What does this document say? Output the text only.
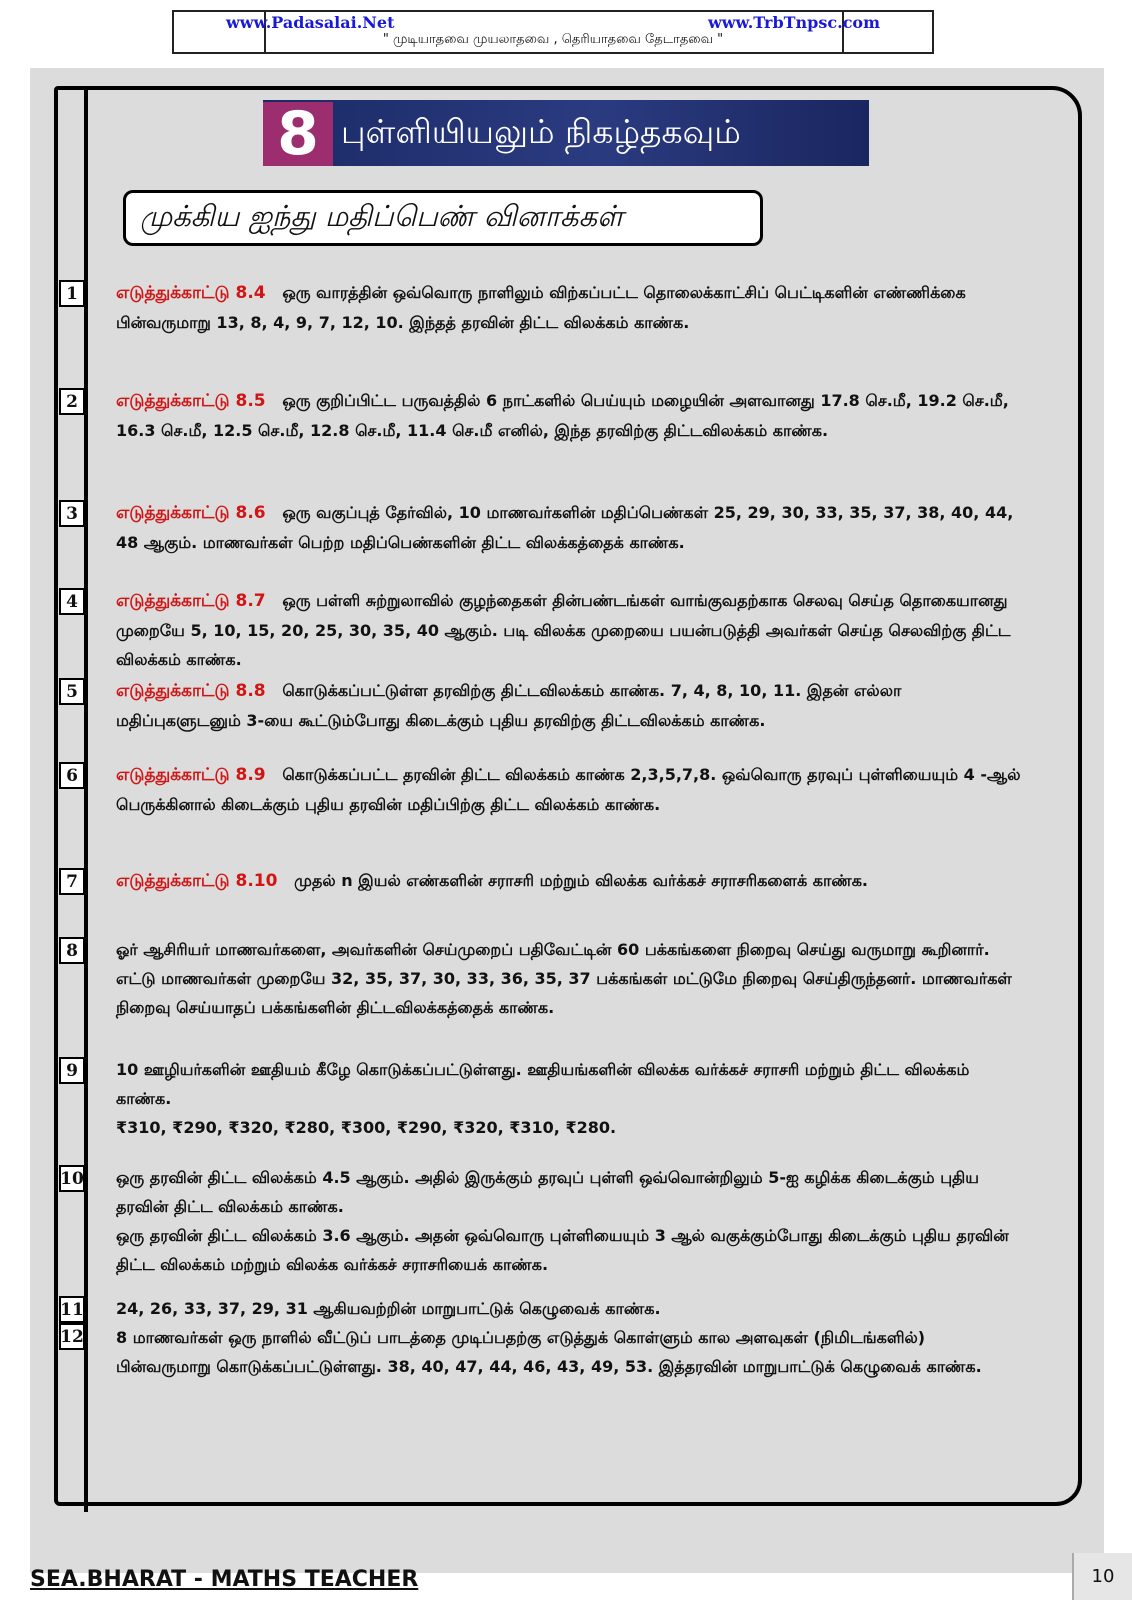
www.Padasalai.Net	www.TrbTnpsc.com
" முடியாதவை முயலாதவை , தெரியாதவை தேடாதவை "
8 புள்ளியியலும் நிகழ்தகவும்
முக்கிய ஐந்து மதிப்பெண் வினாக்கள்
1
2
3
4
5
6
7
8
9
10
11
12
எடுத்துக்காட்டு 8.4 ஒரு வாரத்தின் ஒவ்வொரு நாளிலும் விற்கப்பட்ட தொலைக்காட்சிப் பெட்டிகளின் எண்ணிக்கை பின்வருமாறு 13, 8, 4, 9, 7, 12, 10. இந்தத் தரவின் திட்ட விலக்கம் காண்க.
எடுத்துக்காட்டு 8.5 ஒரு குறிப்பிட்ட பருவத்தில் 6 நாட்களில் பெய்யும் மழையின் அளவானது 17.8 செ.மீ, 19.2 செ.மீ, 16.3 செ.மீ, 12.5 செ.மீ, 12.8 செ.மீ, 11.4 செ.மீ எனில், இந்த தரவிற்கு திட்டவிலக்கம் காண்க.
எடுத்துக்காட்டு 8.6 ஒரு வகுப்புத் தேர்வில், 10 மாணவர்களின் மதிப்பெண்கள் 25, 29, 30, 33, 35, 37, 38, 40, 44, 48 ஆகும். மாணவர்கள் பெற்ற மதிப்பெண்களின் திட்ட விலக்கத்தைக் காண்க.
எடுத்துக்காட்டு 8.7 ஒரு பள்ளி சுற்றுலாவில் குழந்தைகள் தின்பண்டங்கள் வாங்குவதற்காக செலவு செய்த தொகையானது முறையே 5, 10, 15, 20, 25, 30, 35, 40 ஆகும். படி விலக்க முறையை பயன்படுத்தி அவர்கள் செய்த செலவிற்கு திட்ட விலக்கம் காண்க.
எடுத்துக்காட்டு 8.8 கொடுக்கப்பட்டுள்ள தரவிற்கு திட்டவிலக்கம் காண்க. 7, 4, 8, 10, 11. இதன் எல்லா மதிப்புகளுடனும் 3-யை கூட்டும்போது கிடைக்கும் புதிய தரவிற்கு திட்டவிலக்கம் காண்க.
எடுத்துக்காட்டு 8.9 கொடுக்கப்பட்ட தரவின் திட்ட விலக்கம் காண்க 2,3,5,7,8. ஒவ்வொரு தரவுப் புள்ளியையும் 4 -ஆல் பெருக்கினால் கிடைக்கும் புதிய தரவின் மதிப்பிற்கு திட்ட விலக்கம் காண்க.
எடுத்துக்காட்டு 8.10 முதல் n இயல் எண்களின் சராசரி மற்றும் விலக்க வர்க்கச் சராசரிகளைக் காண்க.
ஓர் ஆசிரியர் மாணவர்களை, அவர்களின் செய்முறைப் பதிவேட்டின் 60 பக்கங்களை நிறைவு செய்து வருமாறு கூறினார். எட்டு மாணவர்கள் முறையே 32, 35, 37, 30, 33, 36, 35, 37 பக்கங்கள் மட்டுமே நிறைவு செய்திருந்தனர். மாணவர்கள் நிறைவு செய்யாதப் பக்கங்களின் திட்டவிலக்கத்தைக் காண்க.
10 ஊழியர்களின் ஊதியம் கீழே கொடுக்கப்பட்டுள்ளது. ஊதியங்களின் விலக்க வர்க்கச் சராசரி மற்றும் திட்ட விலக்கம் காண்க.
₹310, ₹290, ₹320, ₹280, ₹300, ₹290, ₹320, ₹310, ₹280.
ஒரு தரவின் திட்ட விலக்கம் 4.5 ஆகும். அதில் இருக்கும் தரவுப் புள்ளி ஒவ்வொன்றிலும் 5-ஐ கழிக்க கிடைக்கும் புதிய தரவின் திட்ட விலக்கம் காண்க.
ஒரு தரவின் திட்ட விலக்கம் 3.6 ஆகும். அதன் ஒவ்வொரு புள்ளியையும் 3 ஆல் வகுக்கும்போது கிடைக்கும் புதிய தரவின் திட்ட விலக்கம் மற்றும் விலக்க வர்க்கச் சராசரியைக் காண்க.
24, 26, 33, 37, 29, 31 ஆகியவற்றின் மாறுபாட்டுக் கெழுவைக் காண்க.
8 மாணவர்கள் ஒரு நாளில் வீட்டுப் பாடத்தை முடிப்பதற்கு எடுத்துக் கொள்ளும் கால அளவுகள் (நிமிடங்களில்) பின்வருமாறு கொடுக்கப்பட்டுள்ளது. 38, 40, 47, 44, 46, 43, 49, 53. இத்தரவின் மாறுபாட்டுக் கெழுவைக் காண்க.
SEA.BHARAT - MATHS TEACHER	10
